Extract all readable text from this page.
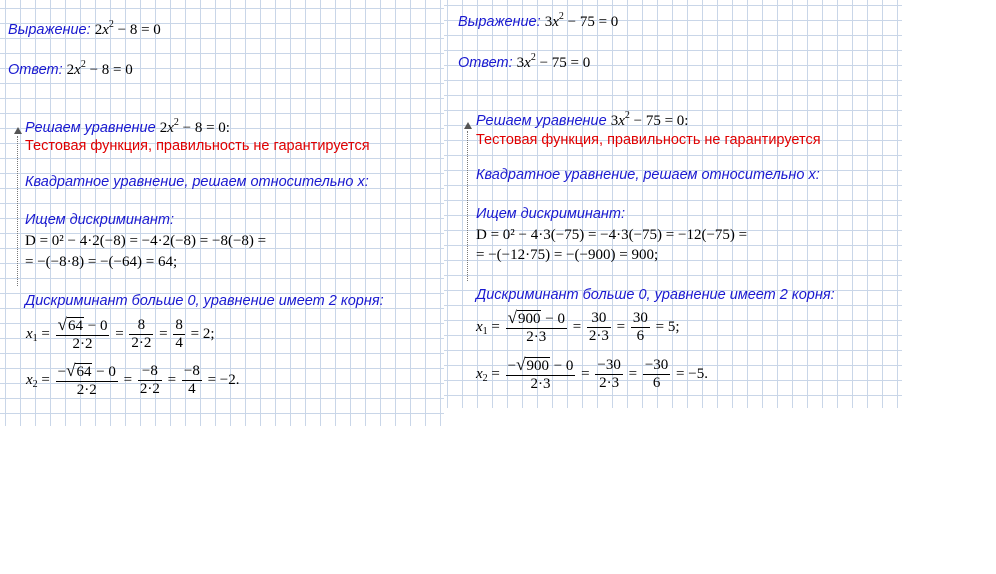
Выражение: $2x^2 - 8 = 0$
Ответ: $2x^2 - 8 = 0$
Решаем уравнение $2x^2 - 8 = 0$:
Тестовая функция, правильность не гарантируется
Квадратное уравнение, решаем относительно x:
Ищем дискриминант:
D = 0² − 4·2(−8) = −4·2(−8) = −8(−8) =
= −(−8·8) = −(−64) = 64;
Дискриминант больше 0, уравнение имеет 2 корня:
$x_1 = \frac{√64 - 0}{2\cdot 2} = \frac{8}{2\cdot 2} = \frac{8}{4} = 2$;
$x_2 = \frac{-√64 - 0}{2\cdot 2} = \frac{-8}{2\cdot 2} = \frac{-8}{4} = -2$.
Выражение: $3x^2 - 75 = 0$
Ответ: $3x^2 - 75 = 0$
Решаем уравнение $3x^2 - 75 = 0$:
Тестовая функция, правильность не гарантируется
Квадратное уравнение, решаем относительно x:
Ищем дискриминант:
D = 0² − 4·3(−75) = −4·3(−75) = −12(−75) =
= −(−12·75) = −(−900) = 900;
Дискриминант больше 0, уравнение имеет 2 корня:
$x_1 = \frac{√900 - 0}{2\cdot 3} = \frac{30}{2\cdot 3} = \frac{30}{6} = 5$;
$x_2 = \frac{-√900 - 0}{2\cdot 3} = \frac{-30}{2\cdot 3} = \frac{-30}{6} = -5$.
